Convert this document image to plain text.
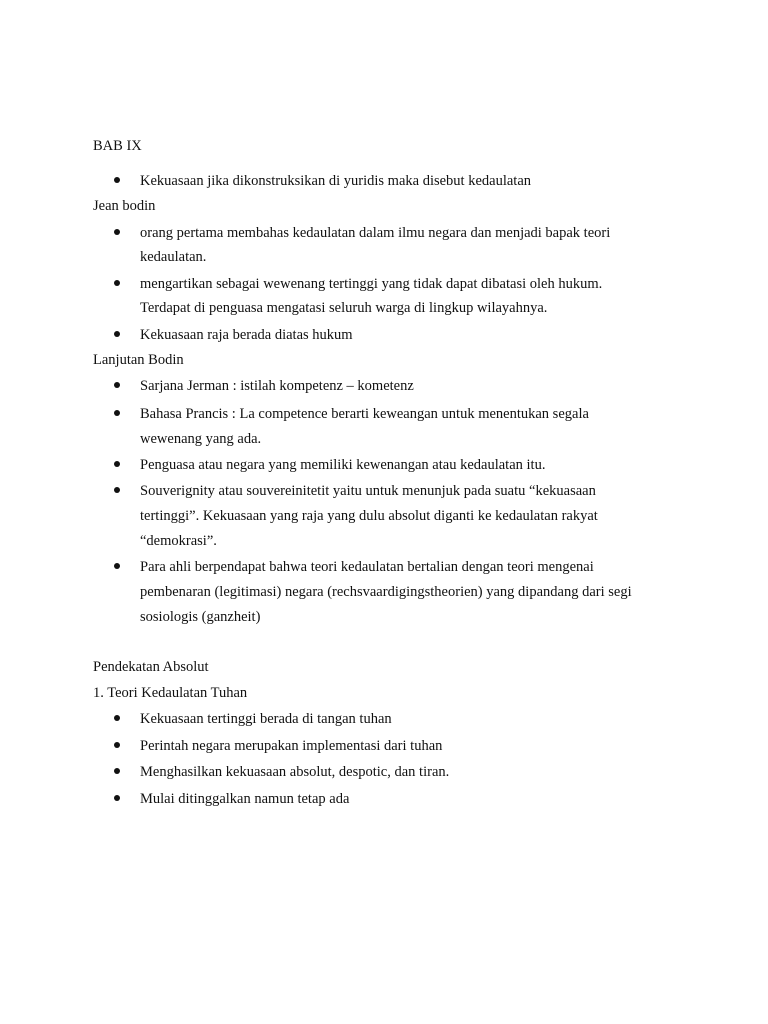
BAB IX
Kekuasaan jika dikonstruksikan di yuridis maka disebut kedaulatan
Jean bodin
orang pertama membahas kedaulatan dalam ilmu negara dan menjadi bapak teori
kedaulatan.
mengartikan sebagai wewenang tertinggi yang tidak dapat dibatasi oleh hukum.
Terdapat di penguasa mengatasi seluruh warga di lingkup wilayahnya.
Kekuasaan raja berada diatas hukum
Lanjutan Bodin
Sarjana Jerman : istilah kompetenz – kometenz
Bahasa Prancis : La competence berarti keweangan untuk menentukan segala
wewenang yang ada.
Penguasa atau negara yang memiliki kewenangan atau kedaulatan itu.
Souverignity atau souvereinitetit yaitu untuk menunjuk pada suatu “kekuasaan
tertinggi”. Kekuasaan yang raja yang dulu absolut diganti ke kedaulatan rakyat
“demokrasi”.
Para ahli berpendapat bahwa teori kedaulatan bertalian dengan teori mengenai
pembenaran (legitimasi) negara (rechsvaardigingstheorien) yang dipandang dari segi
sosiologis (ganzheit)
Pendekatan Absolut
1. Teori Kedaulatan Tuhan
Kekuasaan tertinggi berada di tangan tuhan
Perintah negara merupakan implementasi dari tuhan
Menghasilkan kekuasaan absolut, despotic, dan tiran.
Mulai ditinggalkan namun tetap ada
